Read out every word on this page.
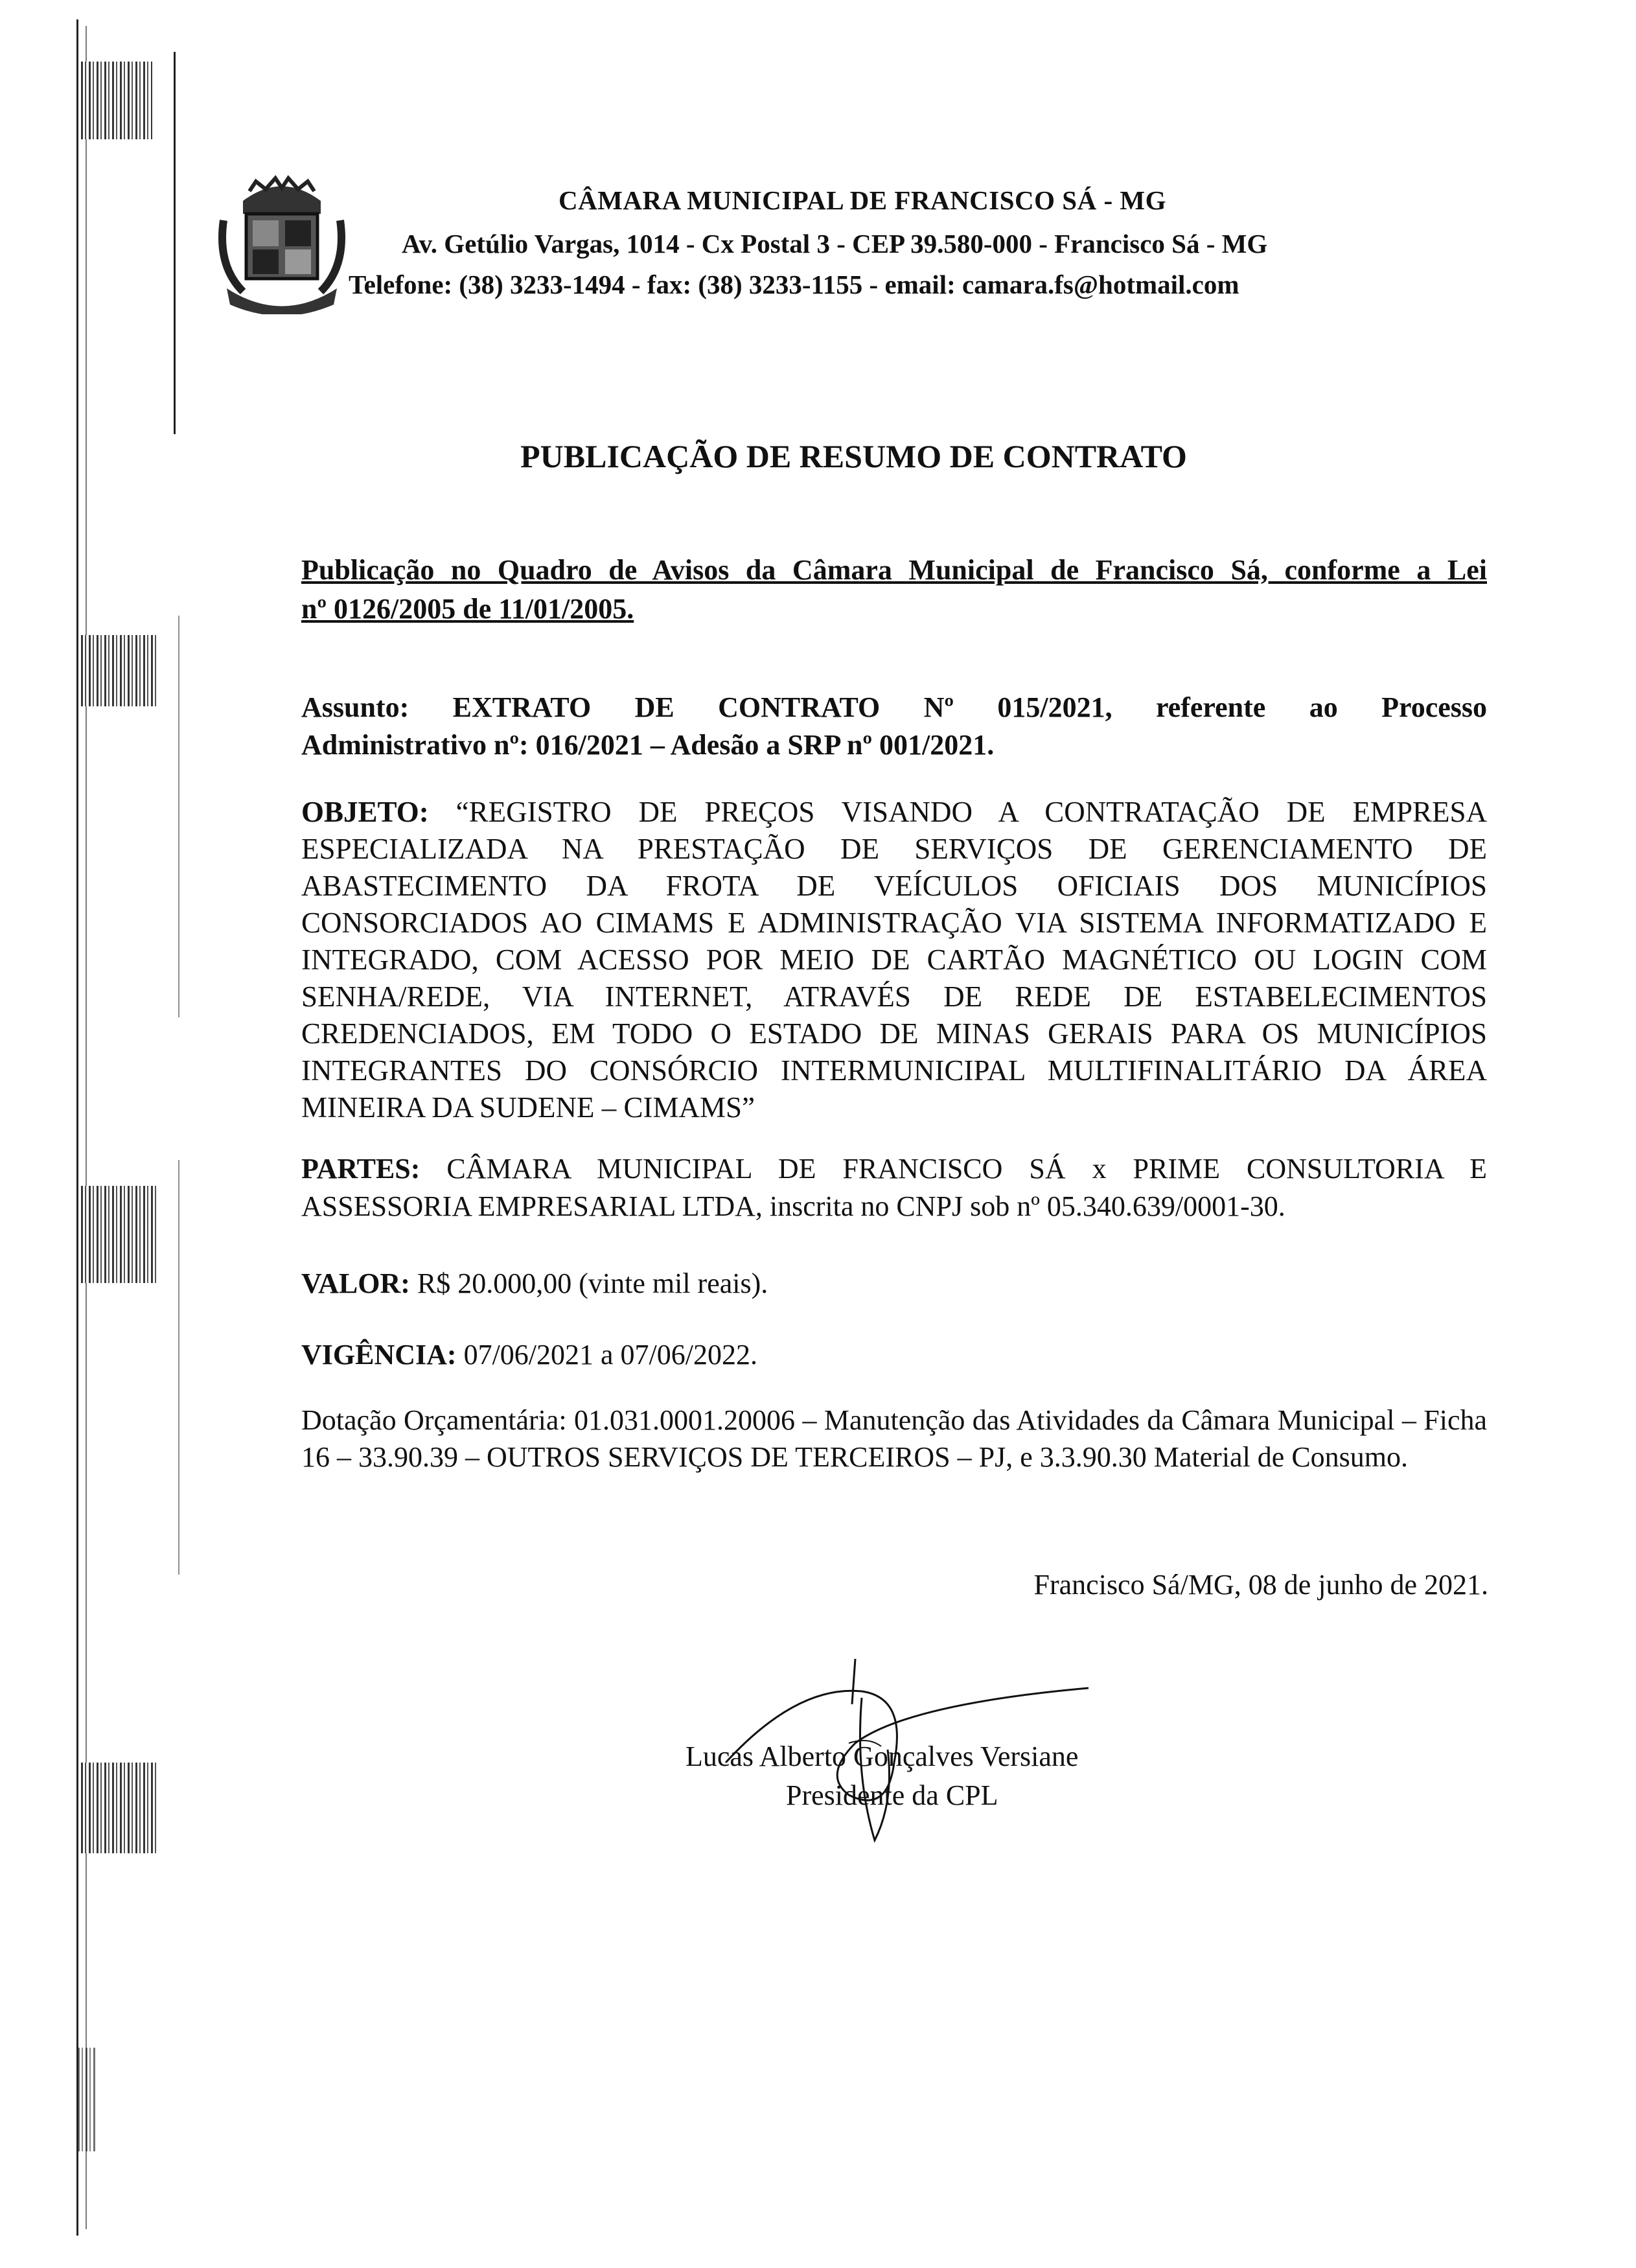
CÂMARA MUNICIPAL DE FRANCISCO SÁ - MG
Av. Getúlio Vargas, 1014 - Cx Postal 3 - CEP 39.580-000 - Francisco Sá - MG
Telefone: (38) 3233-1494 - fax: (38) 3233-1155 - email: camara.fs@hotmail.com
PUBLICAÇÃO DE RESUMO DE CONTRATO
Publicação no Quadro de Avisos da Câmara Municipal de Francisco Sá, conforme a Lei
nº 0126/2005 de 11/01/2005.
Assunto: EXTRATO DE CONTRATO Nº 015/2021, referente ao Processo
Administrativo nº: 016/2021 – Adesão a SRP nº 001/2021.
OBJETO: “REGISTRO DE PREÇOS VISANDO A CONTRATAÇÃO DE EMPRESA ESPECIALIZADA NA PRESTAÇÃO DE SERVIÇOS DE GERENCIAMENTO DE ABASTECIMENTO DA FROTA DE VEÍCULOS OFICIAIS DOS MUNICÍPIOS CONSORCIADOS AO CIMAMS E ADMINISTRAÇÃO VIA SISTEMA INFORMATIZADO E INTEGRADO, COM ACESSO POR MEIO DE CARTÃO MAGNÉTICO OU LOGIN COM SENHA/REDE, VIA INTERNET, ATRAVÉS DE REDE DE ESTABELECIMENTOS CREDENCIADOS, EM TODO O ESTADO DE MINAS GERAIS PARA OS MUNICÍPIOS INTEGRANTES DO CONSÓRCIO INTERMUNICIPAL MULTIFINALITÁRIO DA ÁREA MINEIRA DA SUDENE – CIMAMS”
PARTES: CÂMARA MUNICIPAL DE FRANCISCO SÁ x PRIME CONSULTORIA E ASSESSORIA EMPRESARIAL LTDA, inscrita no CNPJ sob nº 05.340.639/0001-30.
VALOR: R$ 20.000,00 (vinte mil reais).
VIGÊNCIA: 07/06/2021 a 07/06/2022.
Dotação Orçamentária: 01.031.0001.20006 – Manutenção das Atividades da Câmara Municipal – Ficha 16 – 33.90.39 – OUTROS SERVIÇOS DE TERCEIROS – PJ, e 3.3.90.30 Material de Consumo.
Francisco Sá/MG, 08 de junho de 2021.
Lucas Alberto Gonçalves Versiane
Presidente da CPL
